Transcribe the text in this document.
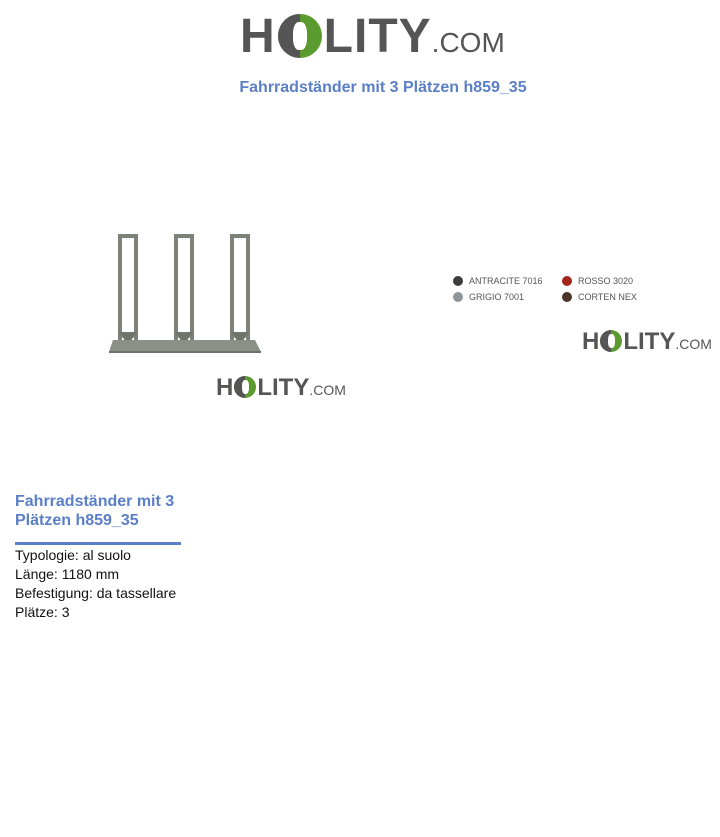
H LITY .COM
Fahrradständer mit 3 Plätzen h859_35
H LITY .COM
ANTRACITE 7016	ROSSO 3020
GRIGIO 7001	CORTEN NEX
H LITY .COM
Fahrradständer mit 3 Plätzen h859_35
Typologie: al suolo
Länge: 1180 mm
Befestigung: da tassellare
Plätze: 3
